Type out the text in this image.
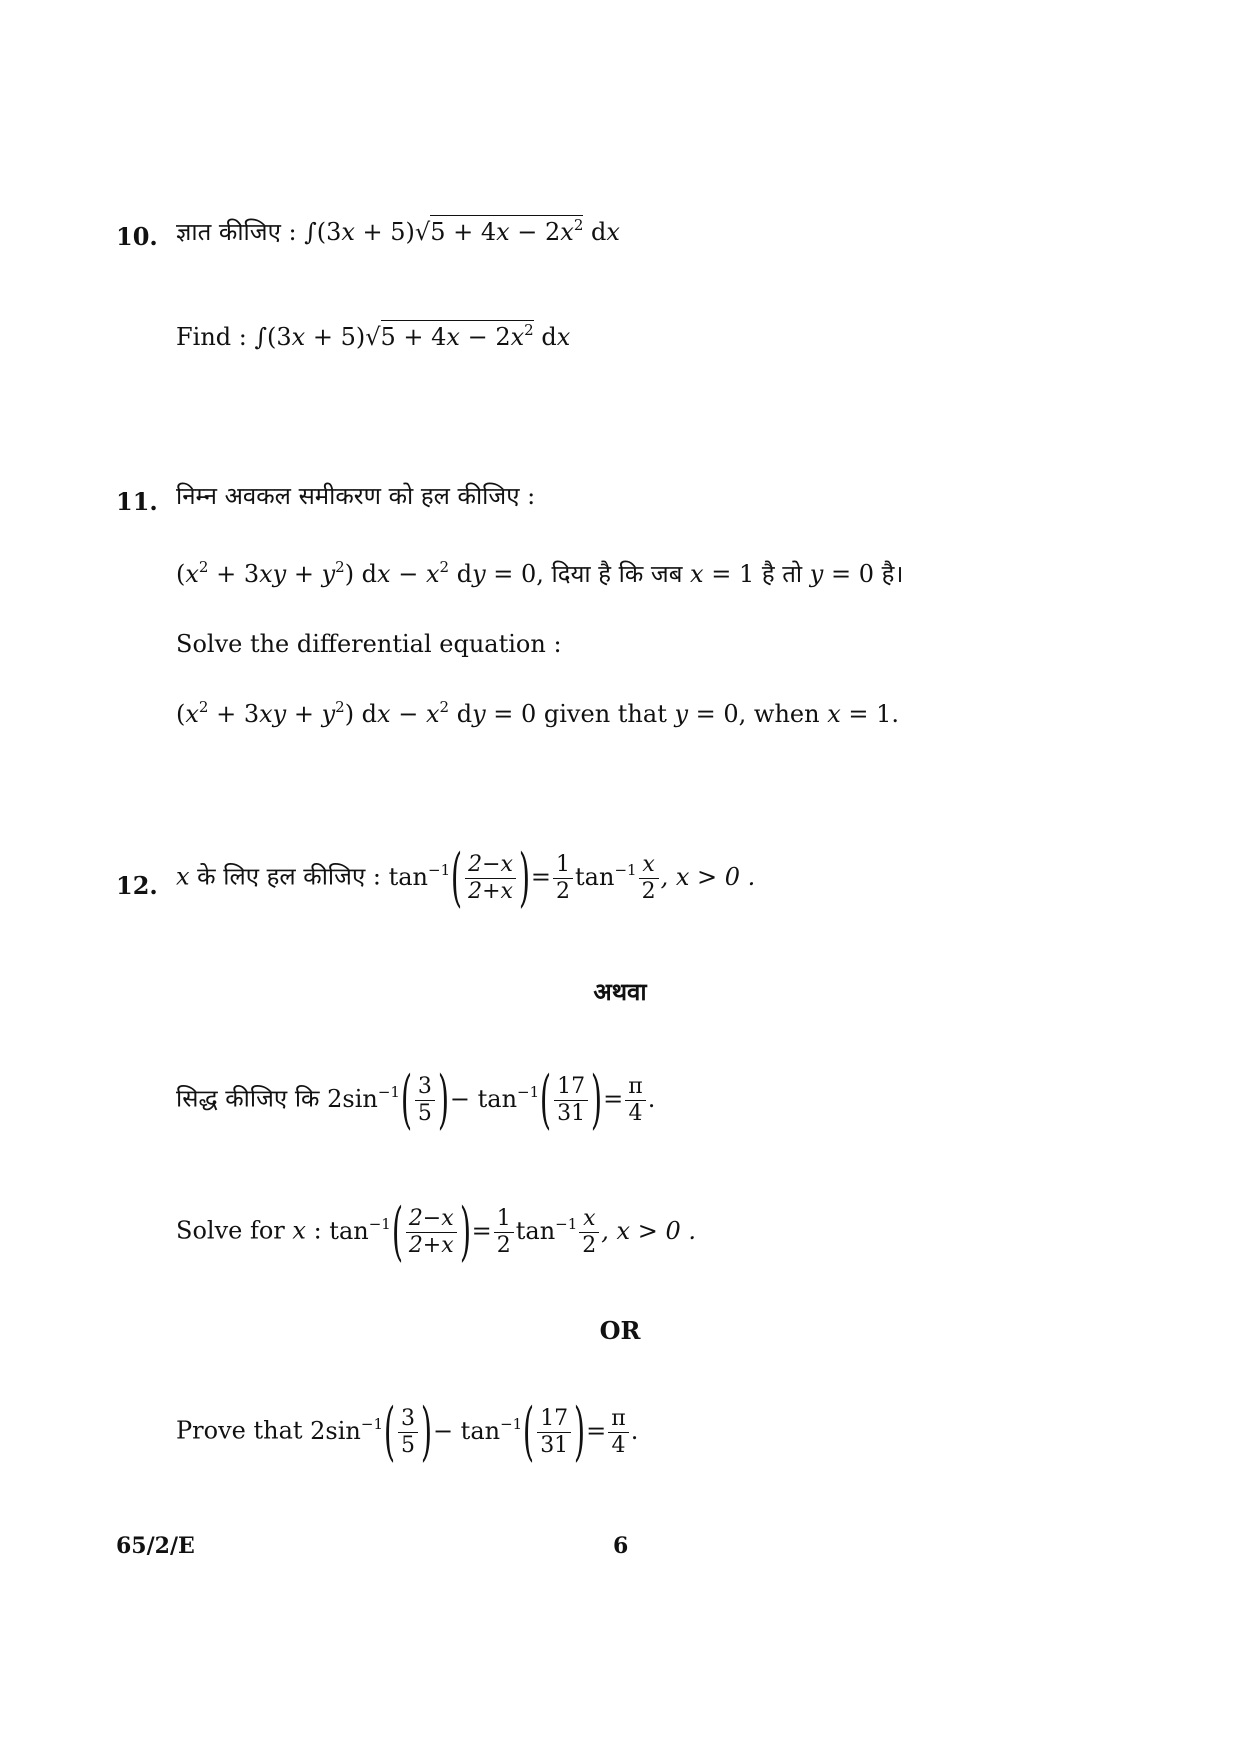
10. ज्ञात कीजिए : $\int(3x + 5)√5 + 4x - 2x^2$ dx
Find : $\int(3x + 5)√5 + 4x - 2x^2$ dx
11. निम्न अवकल समीकरण को हल कीजिए :
$(x^2 + 3xy + y^2)$ dx − $x^2$ dy = 0, दिया है कि जब x = 1 है तो y = 0 है।
Solve the differential equation :
$(x^2 + 3xy + y^2)$ dx − $x^2$ dy = 0 given that y = 0, when x = 1.
12. x के लिए हल कीजिए : $\tan^{-1}( \frac{2-x}{2+x}$ )= $\frac{1}{2} \tan^{-1} \frac{x}{2}$ , x > 0 .
अथवा
सिद्ध कीजिए कि $2\sin^{-1}( \frac{3}{5}$ )− $\tan^{-1}( \frac{17}{31}$ )= $\frac{\pi}{4}$ .
Solve for x : $\tan^{-1}( \frac{2-x}{2+x}$ )= $\frac{1}{2} \tan^{-1} \frac{x}{2}$ , x > 0 .
OR
Prove that $2\sin^{-1}( \frac{3}{5}$ )− $\tan^{-1}( \frac{17}{31}$ )= $\frac{\pi}{4}$ .
65/2/E	6
